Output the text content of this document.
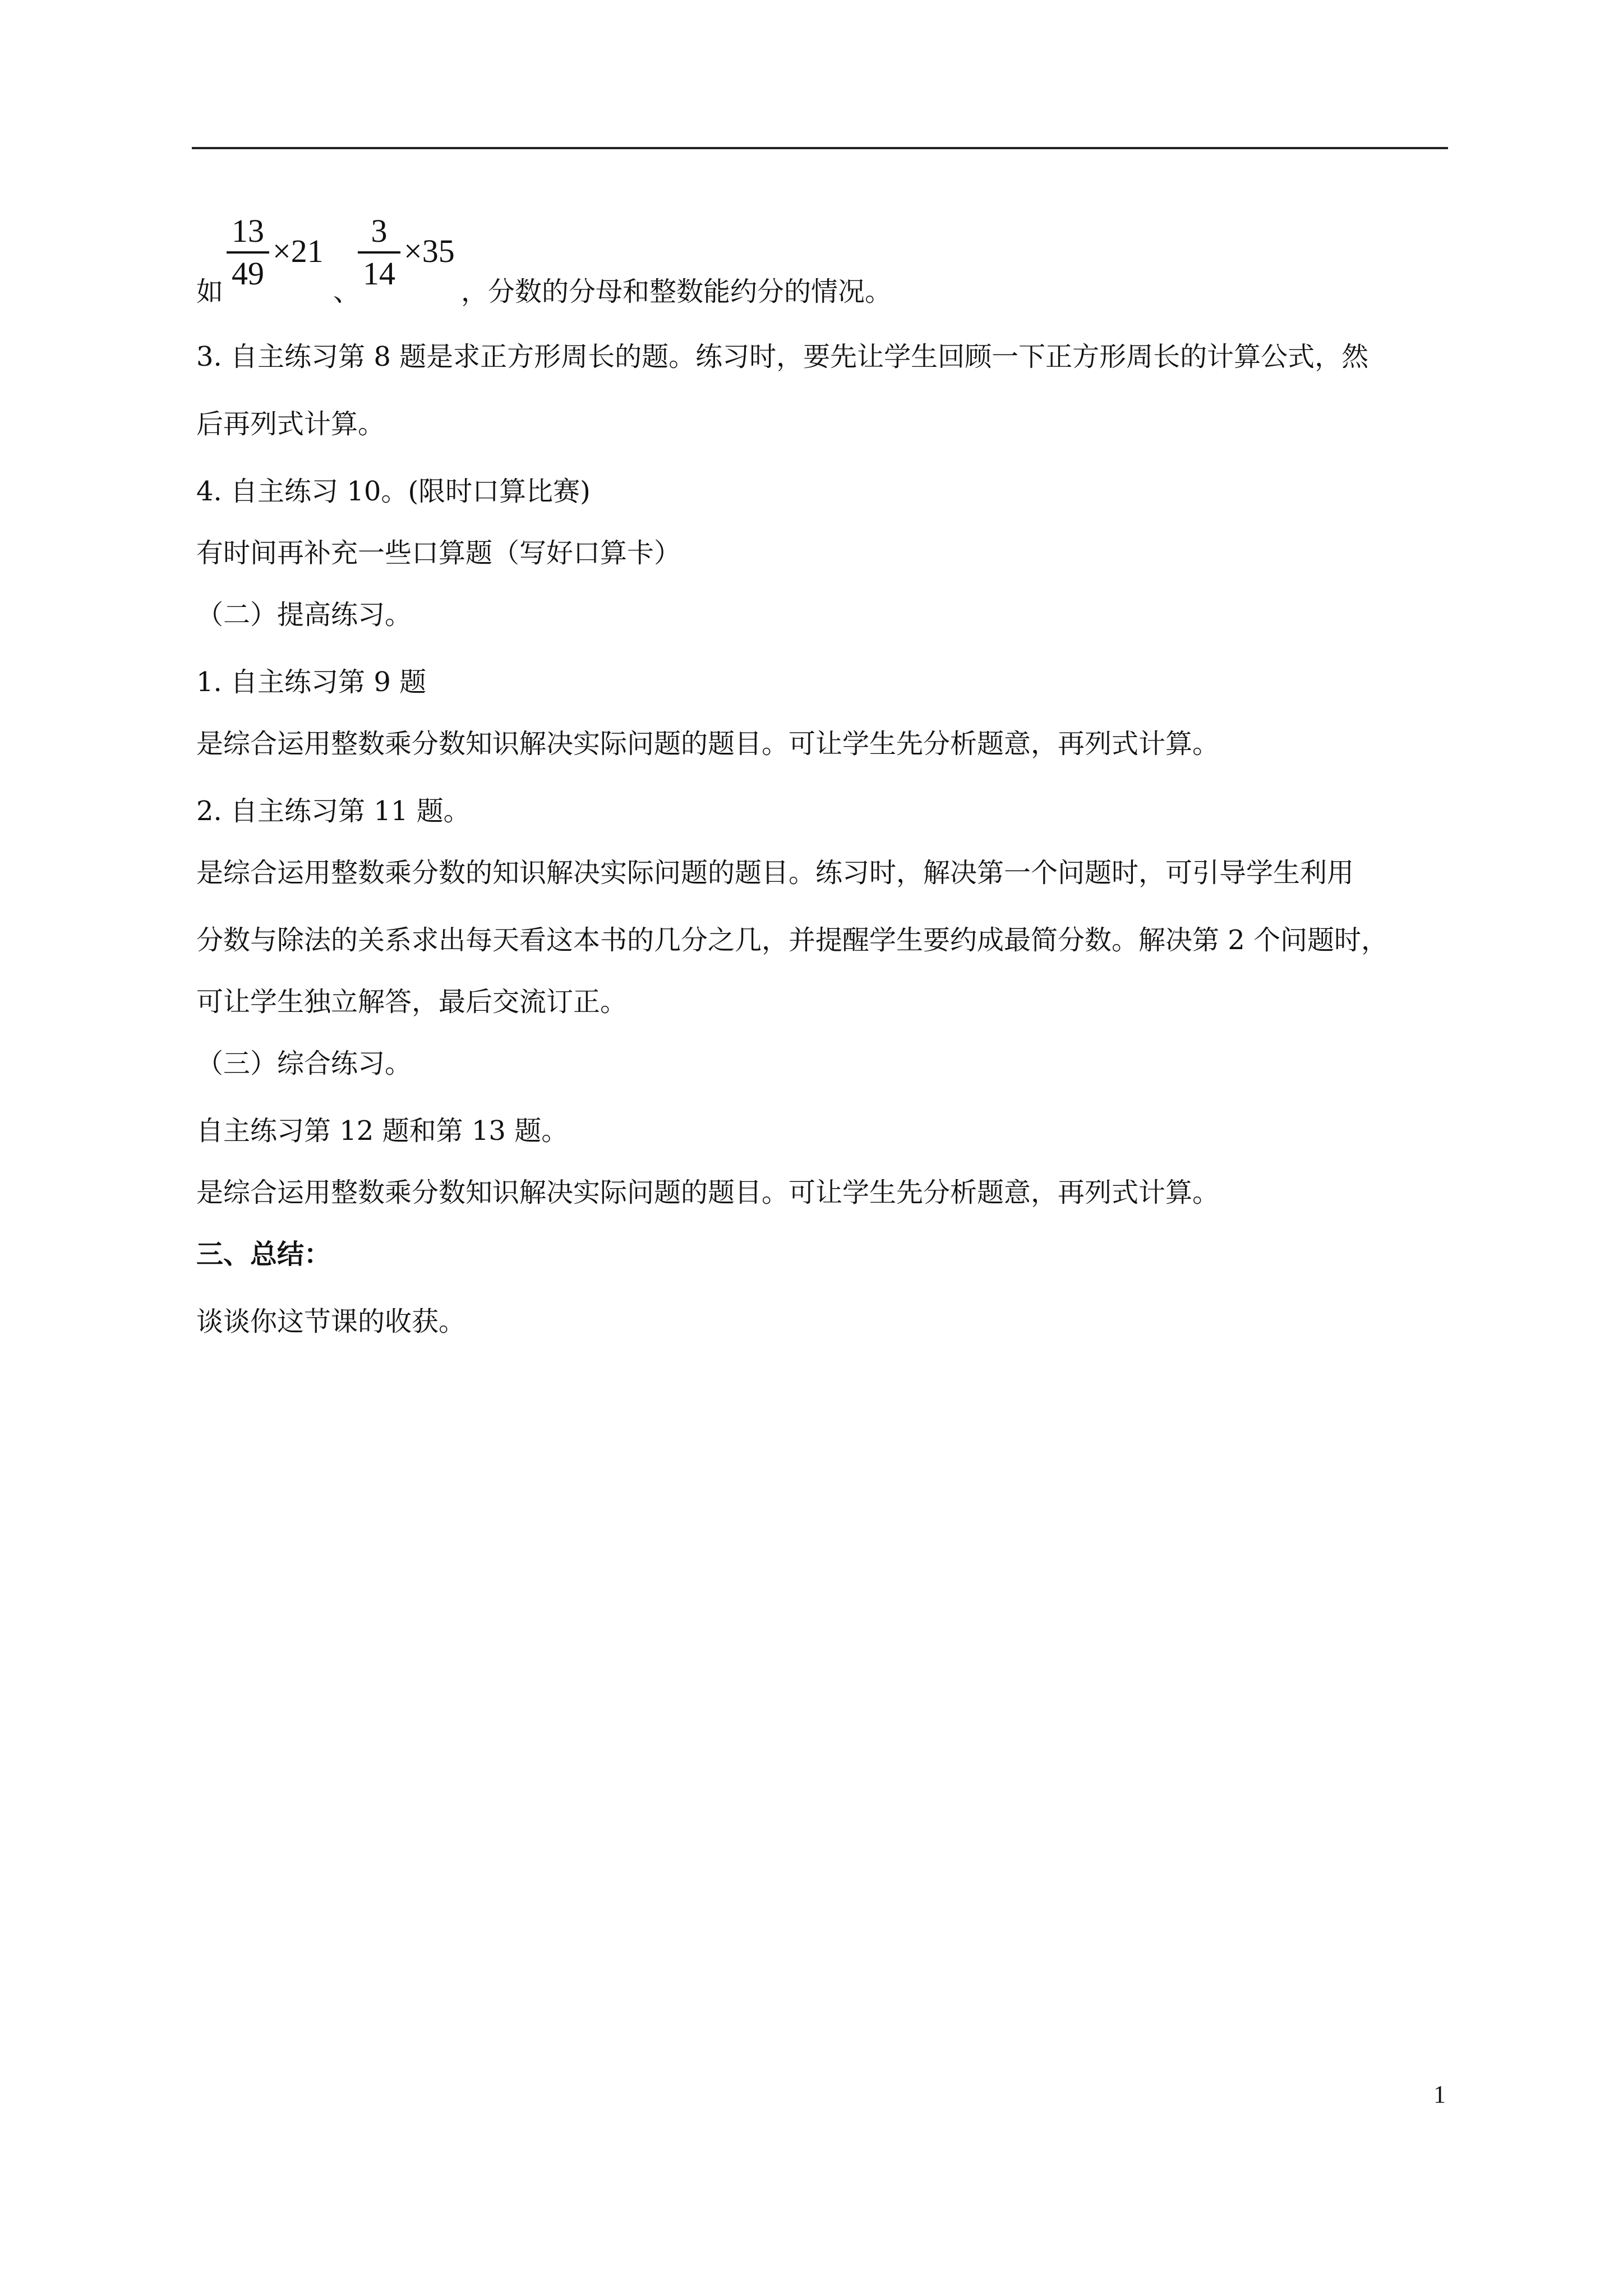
如
13
49
×21
、
3
14
×35
，分数的分母和整数能约分的情况。
3. 自主练习第 8 题是求正方形周长的题。练习时，要先让学生回顾一下正方形周长的计算公式，然
后再列式计算。
4. 自主练习 10。(限时口算比赛)
有时间再补充一些口算题（写好口算卡）
（二）提高练习。
1. 自主练习第 9 题
是综合运用整数乘分数知识解决实际问题的题目。可让学生先分析题意，再列式计算。
2. 自主练习第 11 题。
是综合运用整数乘分数的知识解决实际问题的题目。练习时，解决第一个问题时，可引导学生利用
分数与除法的关系求出每天看这本书的几分之几，并提醒学生要约成最简分数。解决第 2 个问题时，
可让学生独立解答，最后交流订正。
（三）综合练习。
自主练习第 12 题和第 13 题。
是综合运用整数乘分数知识解决实际问题的题目。可让学生先分析题意，再列式计算。
三、总结：
谈谈你这节课的收获。
1
